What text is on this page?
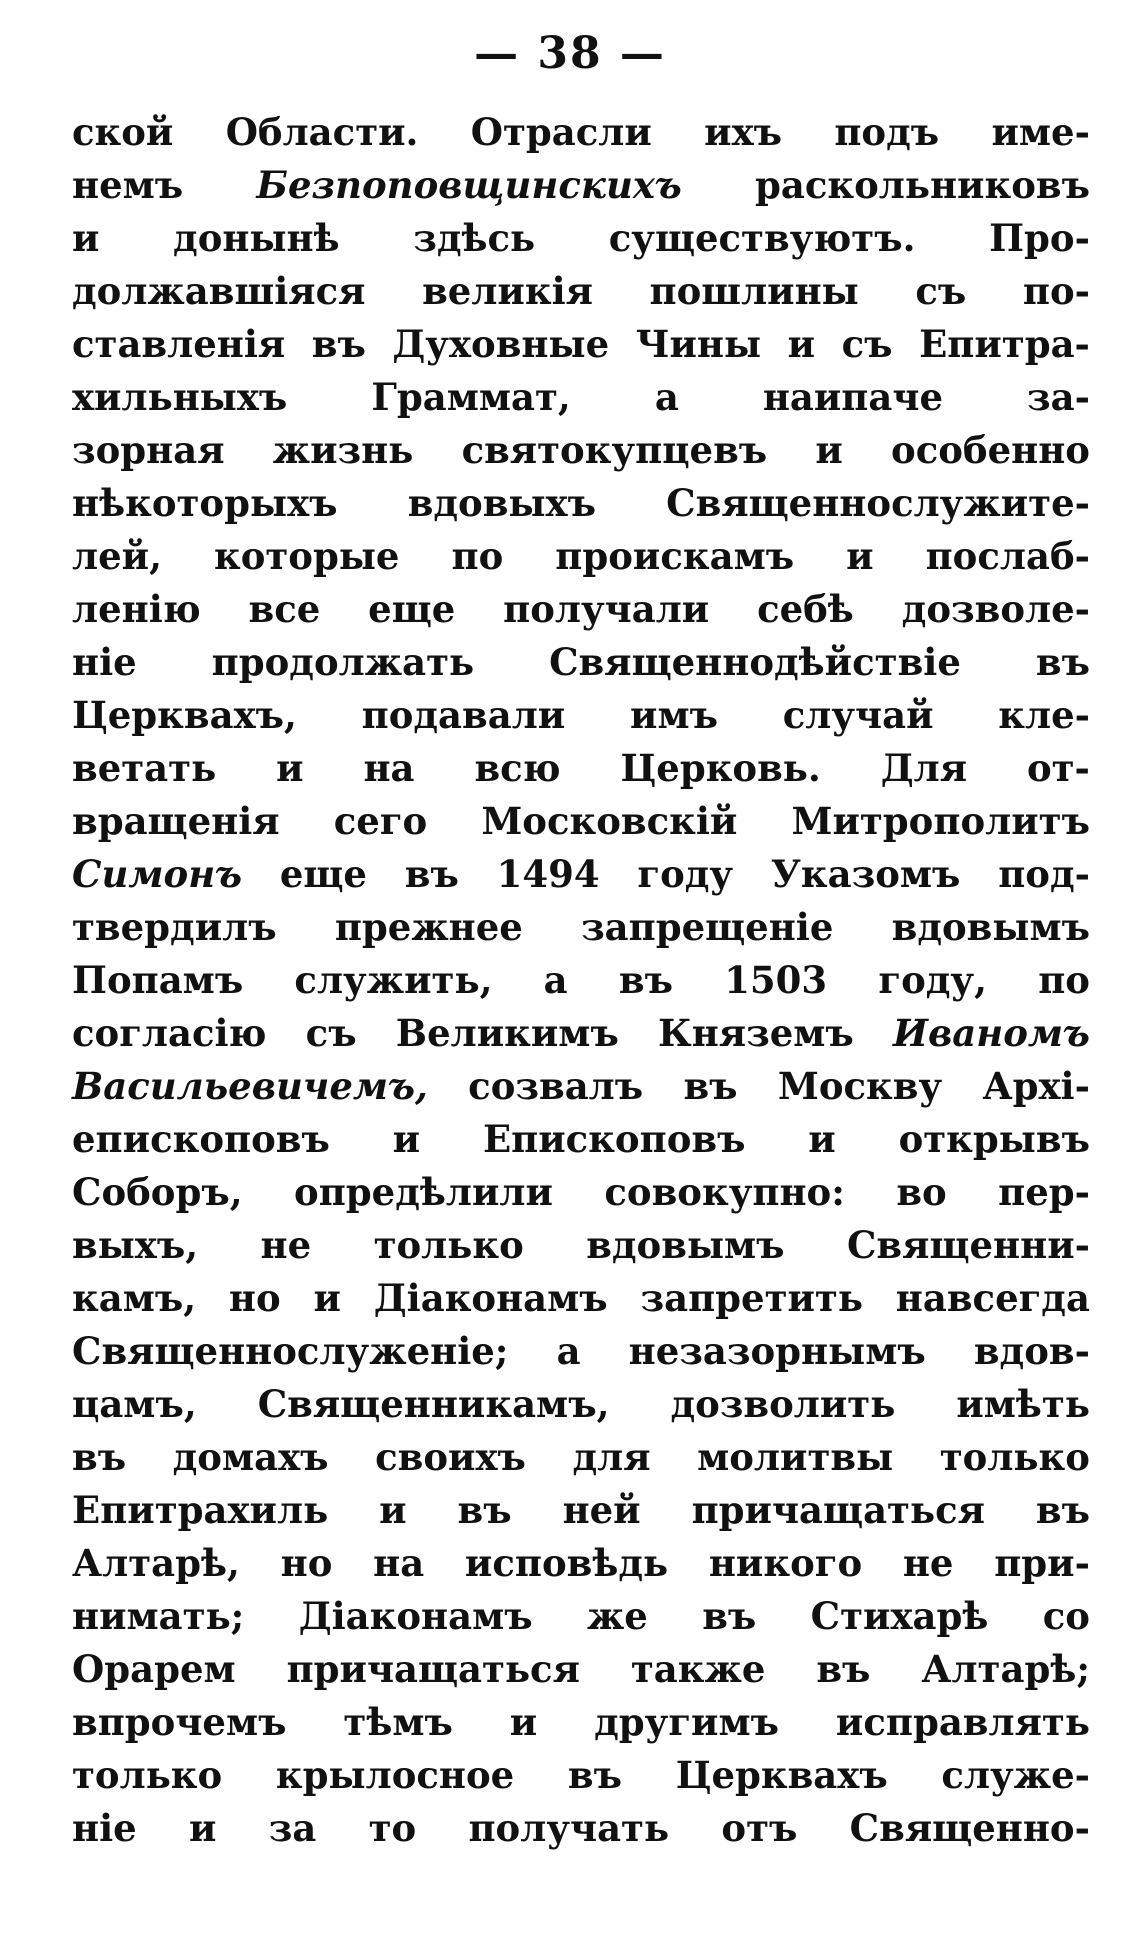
— 38 —
ской Области. Отрасли ихъ подъ име-
немъ Безпоповщинскихъ раскольниковъ
и донынѣ здѣсь существуютъ. Про-
должавшіяся великія пошлины съ по-
ставленія въ Духовные Чины и съ Епитра-
хильныхъ Граммат, а наипаче за-
зорная жизнь святокупцевъ и особенно
нѣкоторыхъ вдовыхъ Священнослужите-
лей, которые по проискамъ и послаб-
ленію все еще получали себѣ дозволе-
ніе продолжать Священнодѣйствіе въ
Церквахъ, подавали имъ случай кле-
ветать и на всю Церковь. Для от-
вращенія сего Московскій Митрополитъ
Симонъ еще въ 1494 году Указомъ под-
твердилъ прежнее запрещеніе вдовымъ
Попамъ служить, а въ 1503 году, по
согласію съ Великимъ Княземъ Иваномъ
Васильевичемъ, созвалъ въ Москву Архі-
епископовъ и Епископовъ и открывъ
Соборъ, опредѣлили совокупно: во пер-
выхъ, не только вдовымъ Священни-
камъ, но и Діаконамъ запретить навсегда
Священнослуженіе; а незазорнымъ вдов-
цамъ, Священникамъ, дозволить имѣть
въ домахъ своихъ для молитвы только
Епитрахиль и въ ней причащаться въ
Алтарѣ, но на исповѣдь никого не при-
нимать; Діаконамъ же въ Стихарѣ со
Орарем причащаться также въ Алтарѣ;
впрочемъ тѣмъ и другимъ исправлять
только крылосное въ Церквахъ служе-
ніе и за то получать отъ Священно-
